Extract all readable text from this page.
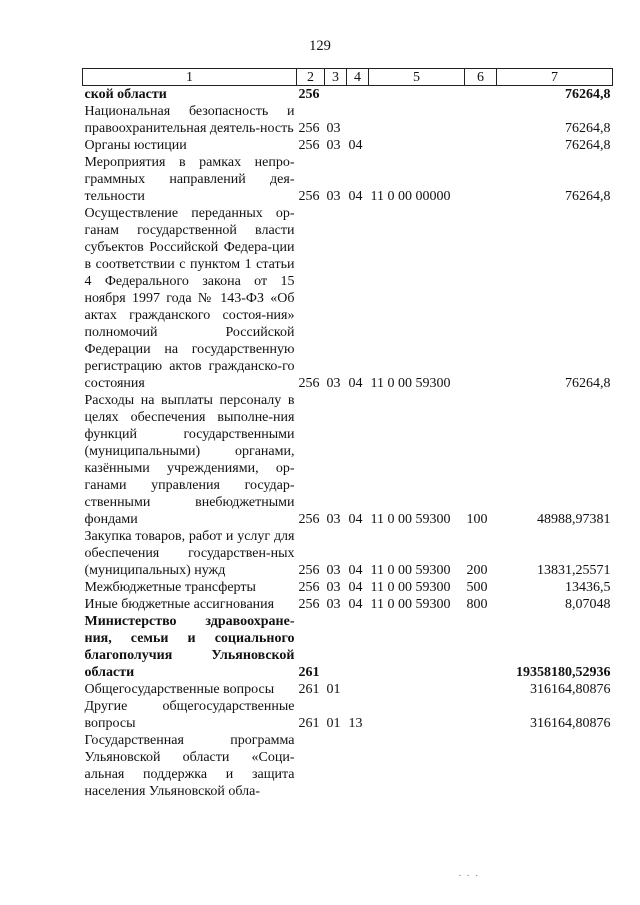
129
1	2	3	4	5	6	7
ской области	256					76264,8
Национальная безопасность и правоохранительная деятель-ность	256	03				76264,8
Органы юстиции	256	03	04			76264,8
Мероприятия в рамках непро-граммных направлений дея-тельности	256	03	04	11 0 00 00000		76264,8
Осуществление переданных ор-ганам государственной власти субъектов Российской Федера-ции в соответствии с пунктом 1 статьи 4 Федерального закона от 15 ноября 1997 года № 143-ФЗ «Об актах гражданского состоя-ния» полномочий Российской Федерации на государственную регистрацию актов гражданско-го состояния	256	03	04	11 0 00 59300		76264,8
Расходы на выплаты персоналу в целях обеспечения выполне-ния функций государственными (муниципальными) органами, казёнными учреждениями, ор-ганами управления государ-ственными внебюджетными фондами	256	03	04	11 0 00 59300	100	48988,97381
Закупка товаров, работ и услуг для обеспечения государствен-ных (муниципальных) нужд	256	03	04	11 0 00 59300	200	13831,25571
Межбюджетные трансферты	256	03	04	11 0 00 59300	500	13436,5
Иные бюджетные ассигнования	256	03	04	11 0 00 59300	800	8,07048
Министерство здравоохране-ния, семьи и социального благополучия Ульяновской области	261					19358180,52936
Общегосударственные вопросы	261	01				316164,80876
Другие общегосударственные вопросы	261	01	13			316164,80876
Государственная программа Ульяновской области «Соци-альная поддержка и защита населения Ульяновской обла-						
· · ·
